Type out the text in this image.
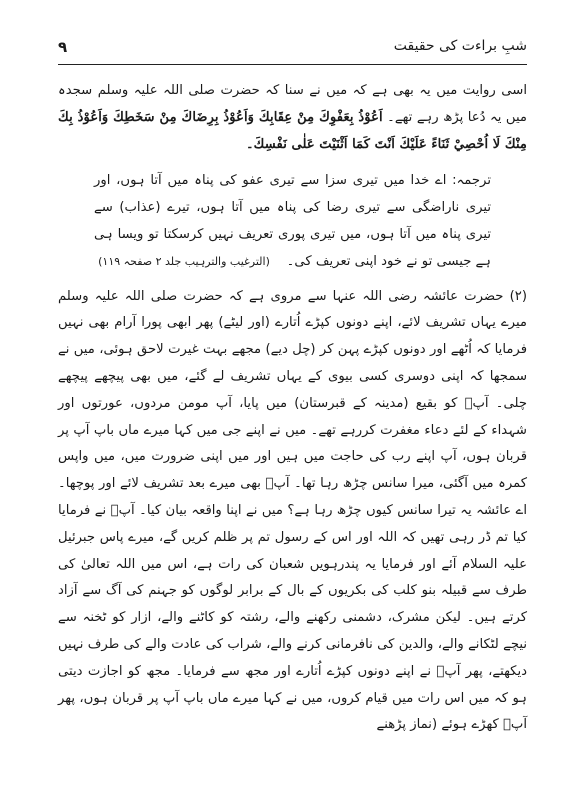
٩	شبِ براءت کی حقیقت

اسی روایت میں یہ بھی ہے کہ میں نے سنا کہ حضرت صلی اللہ علیہ وسلم سجدہ میں یہ دُعا پڑھ رہے تھے۔ اَعُوْذُ بِعَفْوِكَ مِنْ عِقَابِكَ وَاَعُوْذُ بِرِضَاكَ مِنْ سَخَطِكَ وَاَعُوْذُ بِكَ مِنْكَ لَا اُحْصِيْ ثَنَاءً عَلَيْكَ اَنْتَ كَمَا اَثْنَيْتَ عَلٰى نَفْسِكَ۔

ترجمہ: اے خدا میں تیری سزا سے تیری عفو کی پناہ میں آتا ہوں، اور تیری ناراضگی سے تیری رضا کی پناہ میں آتا ہوں، تیرے (عذاب) سے تیری پناہ میں آتا ہوں، میں تیری پوری تعریف نہیں کرسکتا تو ویسا ہی ہے جیسی تو نے خود اپنی تعریف کی۔    (الترغیب والترہیب جلد ۲ صفحہ ۱۱۹)

(۲) حضرت عائشہ رضی اللہ عنہا سے مروی ہے کہ حضرت صلی اللہ علیہ وسلم میرے یہاں تشریف لائے، اپنے دونوں کپڑے اُتارے (اور لیٹے) پھر ابھی پورا آرام بھی نہیں فرمایا کہ اُٹھے اور دونوں کپڑے پہن کر (چل دیے) مجھے بہت غیرت لاحق ہوئی، میں نے سمجھا کہ اپنی دوسری کسی بیوی کے یہاں تشریف لے گئے، میں بھی پیچھے پیچھے چلی۔ آپؐ کو بقیع (مدینہ کے قبرستان) میں پایا، آپ مومن مردوں، عورتوں اور شہداء کے لئے دعاء مغفرت کررہے تھے۔ میں نے اپنے جی میں کہا میرے ماں باپ آپ پر قربان ہوں، آپ اپنے رب کی حاجت میں ہیں اور میں اپنی ضرورت میں، میں واپس کمرہ میں آگئی، میرا سانس چڑھ رہا تھا۔ آپؐ بھی میرے بعد تشریف لائے اور پوچھا۔ اے عائشہ یہ تیرا سانس کیوں چڑھ رہا ہے؟ میں نے اپنا واقعہ بیان کیا۔ آپؐ نے فرمایا کیا تم ڈر رہی تھیں کہ اللہ اور اس کے رسول تم پر ظلم کریں گے، میرے پاس جبرئیل علیہ السلام آئے اور فرمایا یہ پندرہویں شعبان کی رات ہے، اس میں اللہ تعالیٰ کی طرف سے قبیلہ بنو کلب کی بکریوں کے بال کے برابر لوگوں کو جہنم کی آگ سے آزاد کرتے ہیں۔ لیکن مشرک، دشمنی رکھنے والے، رشتہ کو کاٹنے والے، ازار کو ٹخنہ سے نیچے لٹکانے والے، والدین کی نافرمانی کرنے والے، شراب کی عادت والے کی طرف نہیں دیکھتے، پھر آپؐ نے اپنے دونوں کپڑے اُتارے اور مجھ سے فرمایا۔ مجھ کو اجازت دیتی ہو کہ میں اس رات میں قیام کروں، میں نے کہا میرے ماں باپ آپ پر قربان ہوں، پھر آپؐ کھڑے ہوئے (نماز پڑھنے
